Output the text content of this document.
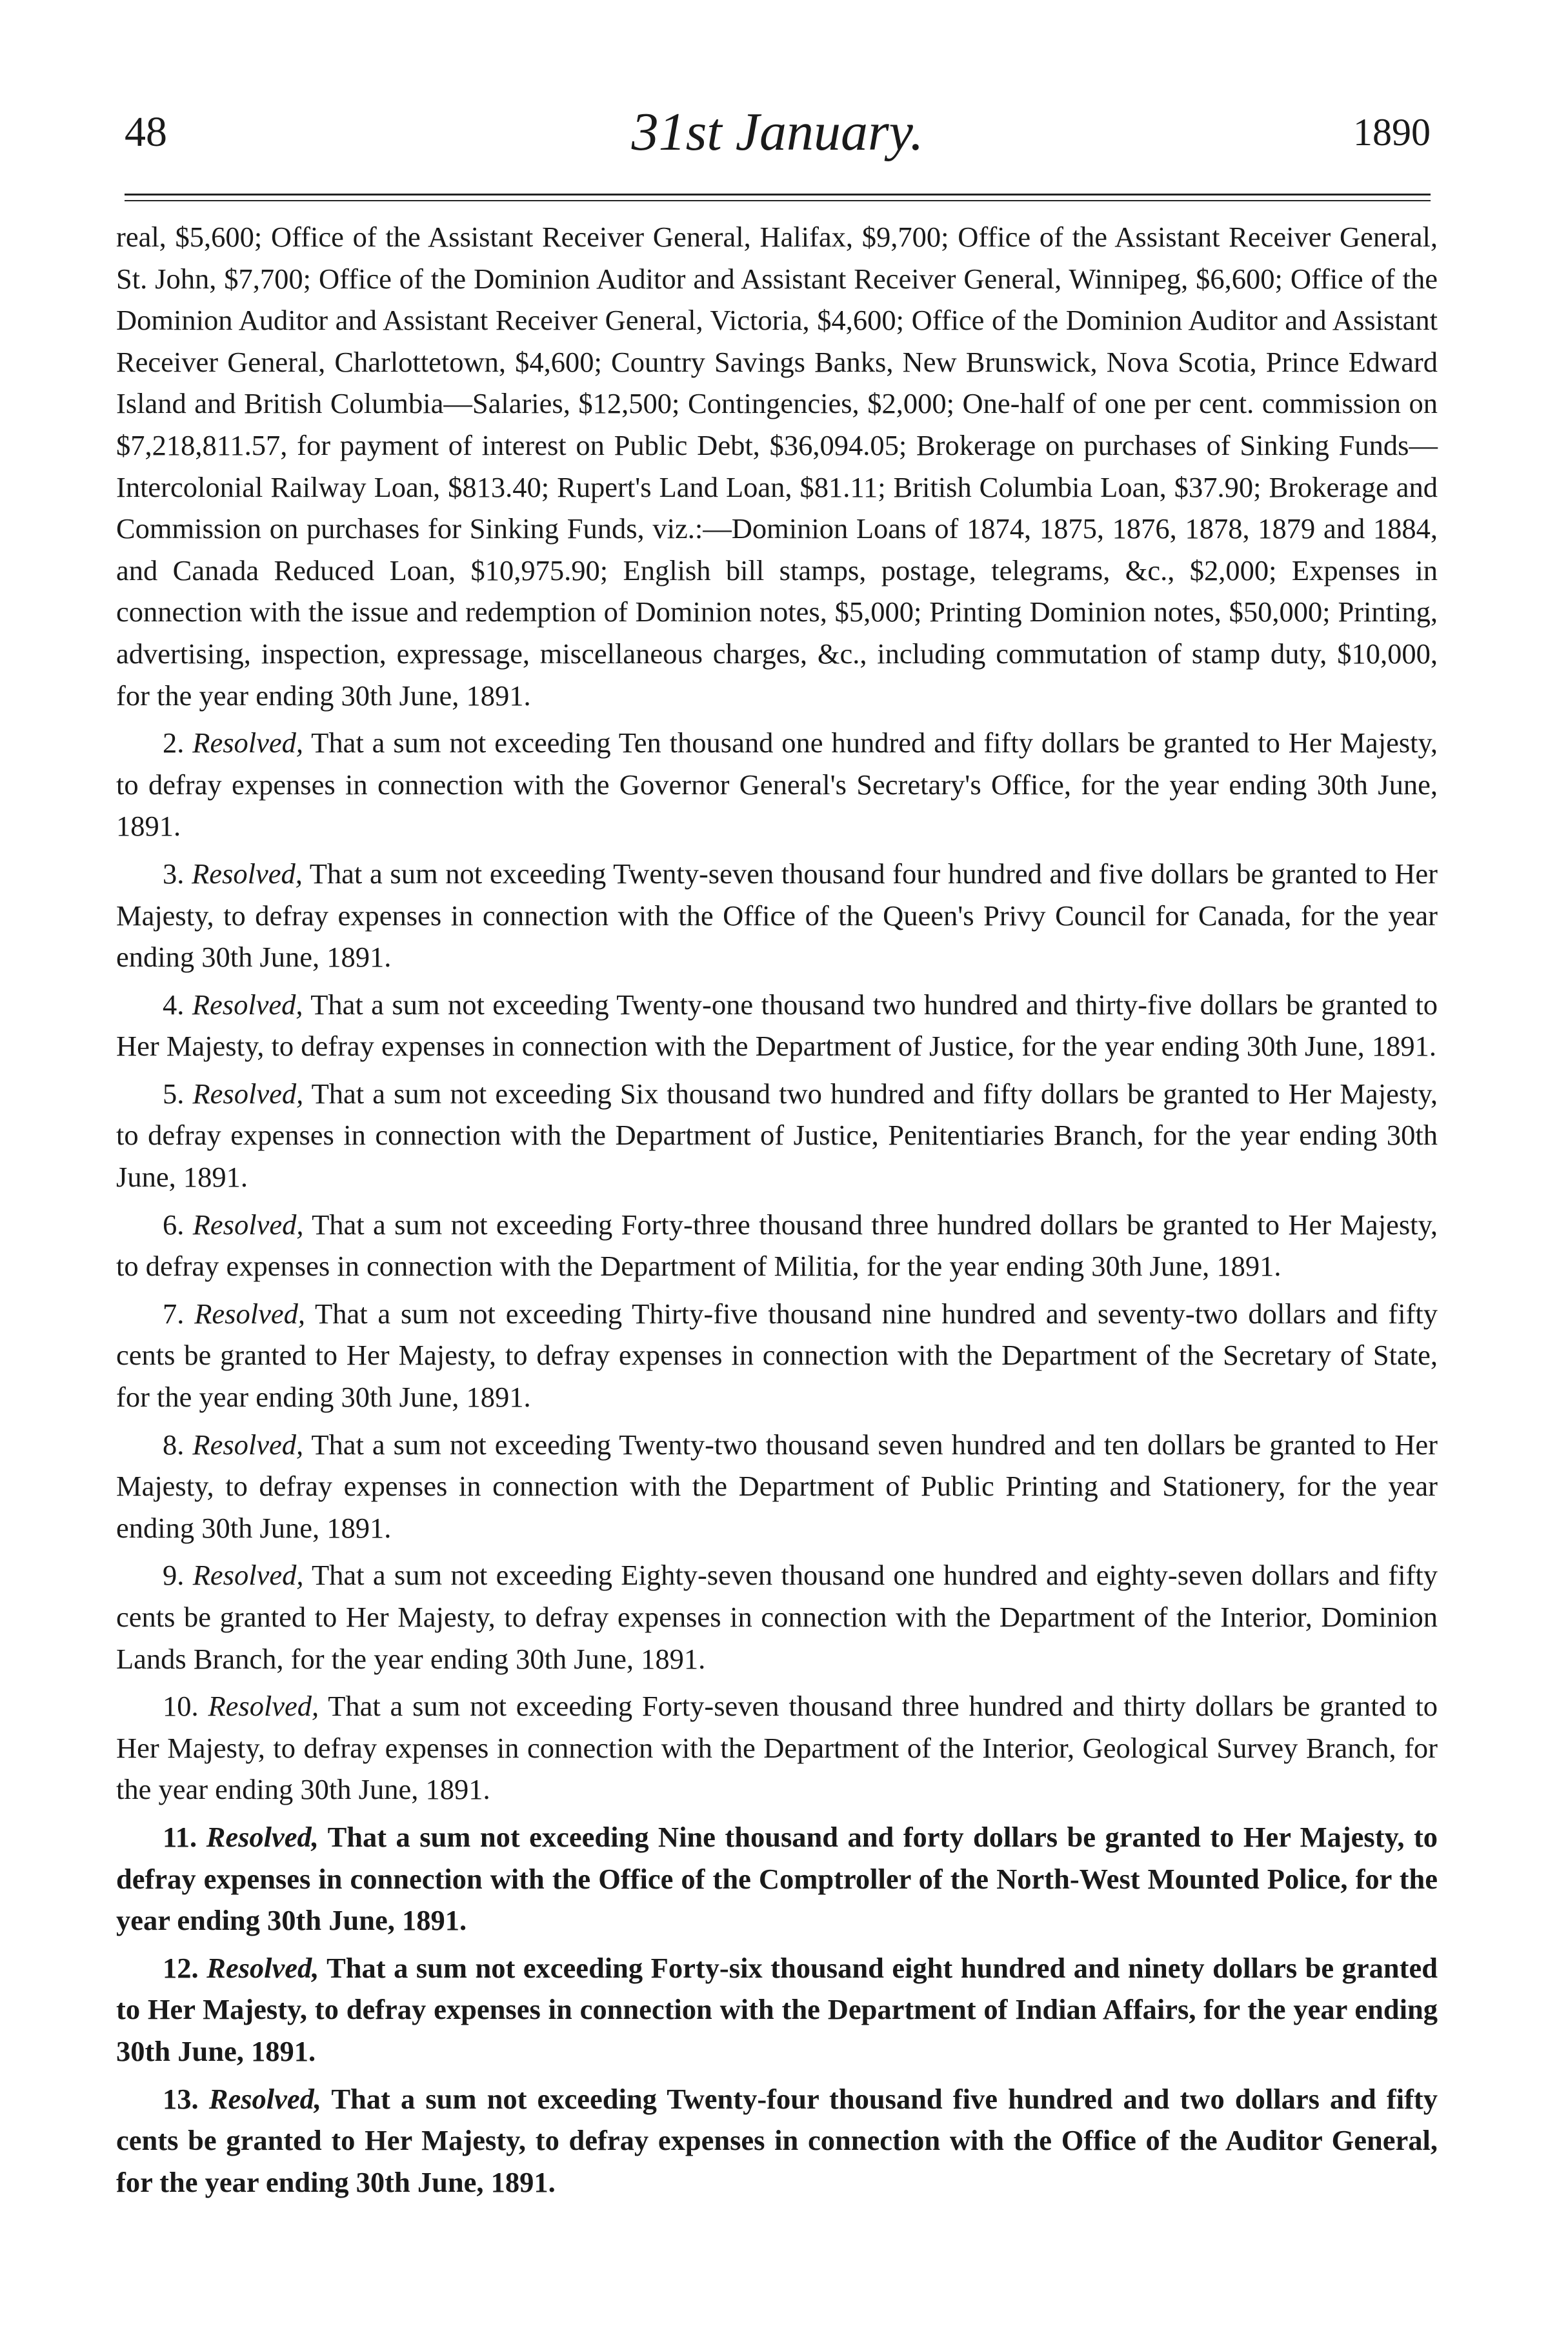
48	31st January.	1890

real, $5,600; Office of the Assistant Receiver General, Halifax, $9,700; Office of the Assistant Receiver General, St. John, $7,700; Office of the Dominion Auditor and Assistant Receiver General, Winnipeg, $6,600; Office of the Dominion Auditor and Assistant Receiver General, Victoria, $4,600; Office of the Dominion Auditor and Assistant Receiver General, Charlottetown, $4,600; Country Savings Banks, New Brunswick, Nova Scotia, Prince Edward Island and British Columbia—Salaries, $12,500; Contingencies, $2,000; One-half of one per cent. commission on $7,218,811.57, for payment of interest on Public Debt, $36,094.05; Brokerage on purchases of Sinking Funds—Intercolonial Railway Loan, $813.40; Rupert's Land Loan, $81.11; British Columbia Loan, $37.90; Brokerage and Commission on purchases for Sinking Funds, viz.:—Dominion Loans of 1874, 1875, 1876, 1878, 1879 and 1884, and Canada Reduced Loan, $10,975.90; English bill stamps, postage, telegrams, &c., $2,000; Expenses in connection with the issue and redemption of Dominion notes, $5,000; Printing Dominion notes, $50,000; Printing, advertising, inspection, expressage, miscellaneous charges, &c., including commutation of stamp duty, $10,000, for the year ending 30th June, 1891.

2. Resolved, That a sum not exceeding Ten thousand one hundred and fifty dollars be granted to Her Majesty, to defray expenses in connection with the Governor General's Secretary's Office, for the year ending 30th June, 1891.

3. Resolved, That a sum not exceeding Twenty-seven thousand four hundred and five dollars be granted to Her Majesty, to defray expenses in connection with the Office of the Queen's Privy Council for Canada, for the year ending 30th June, 1891.

4. Resolved, That a sum not exceeding Twenty-one thousand two hundred and thirty-five dollars be granted to Her Majesty, to defray expenses in connection with the Department of Justice, for the year ending 30th June, 1891.

5. Resolved, That a sum not exceeding Six thousand two hundred and fifty dollars be granted to Her Majesty, to defray expenses in connection with the Department of Justice, Penitentiaries Branch, for the year ending 30th June, 1891.

6. Resolved, That a sum not exceeding Forty-three thousand three hundred dollars be granted to Her Majesty, to defray expenses in connection with the Department of Militia, for the year ending 30th June, 1891.

7. Resolved, That a sum not exceeding Thirty-five thousand nine hundred and seventy-two dollars and fifty cents be granted to Her Majesty, to defray expenses in connection with the Department of the Secretary of State, for the year ending 30th June, 1891.

8. Resolved, That a sum not exceeding Twenty-two thousand seven hundred and ten dollars be granted to Her Majesty, to defray expenses in connection with the Department of Public Printing and Stationery, for the year ending 30th June, 1891.

9. Resolved, That a sum not exceeding Eighty-seven thousand one hundred and eighty-seven dollars and fifty cents be granted to Her Majesty, to defray expenses in connection with the Department of the Interior, Dominion Lands Branch, for the year ending 30th June, 1891.

10. Resolved, That a sum not exceeding Forty-seven thousand three hundred and thirty dollars be granted to Her Majesty, to defray expenses in connection with the Department of the Interior, Geological Survey Branch, for the year ending 30th June, 1891.

11. Resolved, That a sum not exceeding Nine thousand and forty dollars be granted to Her Majesty, to defray expenses in connection with the Office of the Comptroller of the North-West Mounted Police, for the year ending 30th June, 1891.

12. Resolved, That a sum not exceeding Forty-six thousand eight hundred and ninety dollars be granted to Her Majesty, to defray expenses in connection with the Department of Indian Affairs, for the year ending 30th June, 1891.

13. Resolved, That a sum not exceeding Twenty-four thousand five hundred and two dollars and fifty cents be granted to Her Majesty, to defray expenses in connection with the Office of the Auditor General, for the year ending 30th June, 1891.
